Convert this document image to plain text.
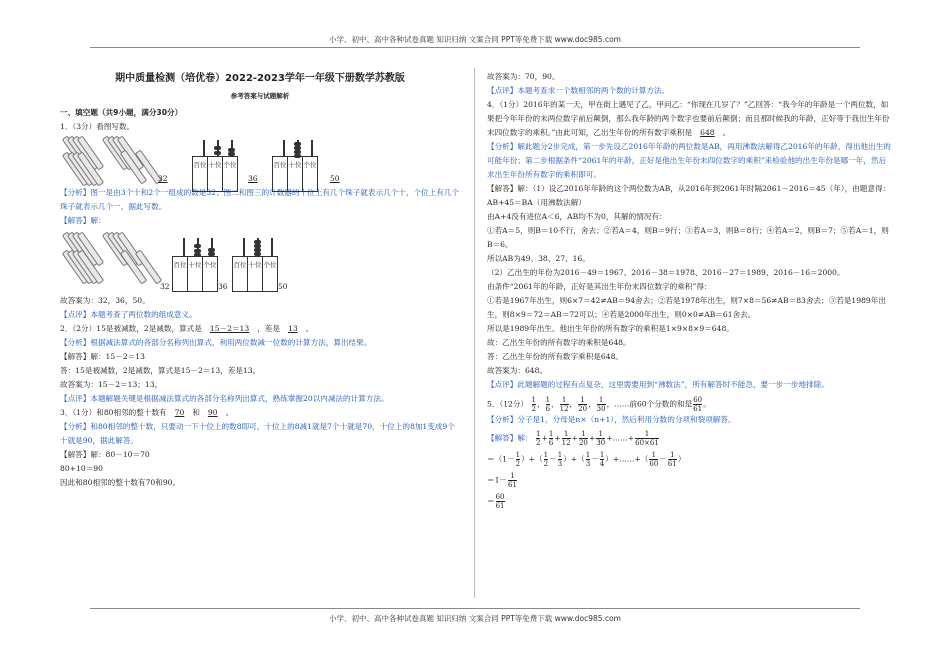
小学、初中、高中各种试卷真题 知识归纳 文案合同 PPT等免费下载 www.doc985.com
期中质量检测（培优卷）2022-2023学年一年级下册数学苏教版
参考答案与试题解析

一、填空题（共9小题，满分30分）

1．（3分）看图写数。

32
百位 十位 个位
36
百位 十位 个位
50

【分析】图一是由3个十和2个一组成的数是32；图二和图三的计数器的十位上有几个珠子就表示几个十，个位上有几个珠子就表示几个一，据此写数。

【解答】解：

32
百位 十位 个位
36
百位 十位 个位
50

故答案为：32，36，50。

【点评】本题考查了两位数的组成意义。

2．（2分）15是被减数，2是减数，算式是 15－2＝13 ，差是 13 。

【分析】根据减法算式的各部分名称列出算式，利用两位数减一位数的计算方法，算出结果。

【解答】解：15－2＝13

答：15是被减数，2是减数，算式是15－2＝13，差是13。

故答案为：15－2＝13；13。

【点评】本题解题关键是根据减法算式的各部分名称列出算式，熟练掌握20以内减法的计算方法。

3．（1分）和80相邻的整十数有 70 和 90 。

【分析】和80相邻的整十数，只要动一下十位上的数8即可，十位上的8减1就是7个十就是70，十位上的8加1变成9个十就是90，据此解答。

【解答】解：80－10＝70

80+10＝90

因此和80相邻的整十数有70和90。

故答案为：70，90。

【点评】本题考查求一个数相邻的两个数的计算方法。

4．（1分）2016年的某一天，甲在街上遇见了乙，甲问乙：“你现在几岁了？”乙回答：“我今年的年龄是一个两位数，如果把今年年份的末两位数字前后颠倒，那么我年龄的两个数字也要前后颠倒；而且那时候我的年龄，正好等于我出生年份末四位数字的乘积。”由此可知，乙出生年份的所有数字乘积是 648 。

【分析】解此题分2步完成，第一步先设乙2016年年龄的两位数是AB，再用沸数法解得乙2016年的年龄，得出他出生的可能年份；第二步根据条件“2061年的年龄，正好是他出生年份末四位数字的乘积”来检验他的出生年份是哪一年，然后求出生年份所有数字的乘积即可。

【解答】解：（1）设乙2016年年龄的这个两位数为AB，从2016年到2061年时隔2061－2016＝45（年），由题意得：

AB+45＝BA（用沸数法解）

由A+4没有进位A＜6，AB均不为0，其解的情况有：

①若A＝5，则B＝10不行，舍去；②若A＝4，则B＝9行；③若A＝3，则B＝8行；④若A＝2，则B＝7；⑤若A＝1，则B＝6。

所以AB为49、38、27、16。

（2）乙出生的年份为2016－49＝1967、2016－38＝1978、2016－27＝1989、2016－16＝2000。

由条件“2061年的年龄，正好是其出生年份末四位数字的乘积”得：

①若是1967年出生，则6×7＝42≠AB＝94舍去；②若是1978年出生，则7×8＝56≠AB＝83舍去；③若是1989年出生，则8×9＝72＝AB＝72可以；④若是2000年出生，则0×0≠AB＝61舍去。

所以是1989年出生。他出生年份的所有数字的乘积是1×9×8×9＝648。

故：乙出生年份的所有数字的乘积是648。

答：乙出生年份的所有数字乘积是648。

故答案为：648。

【点评】此题解题的过程有点复杂，这里需要用到“沸数法”，所有解答时不能急，要一步一步地排除。

5．（12分） $\frac{1}{2}$ ， $\frac{1}{6}$ ， $\frac{1}{12}$ ， $\frac{1}{20}$ ， $\frac{1}{30}$ ，……前60个分数的和是 $\frac{60}{61}$ 。

【分析】分子是1，分母是n×（n+1），然后利用分数的分项和裂项解答。

【解答】解： $\frac{1}{2} + \frac{1}{6} + \frac{1}{12} + \frac{1}{20} + \frac{1}{30}$ +……+ $\frac{1}{60\times 61}$

$=(1- \frac{1}{2}$ ）+（ $\frac{1}{2} - \frac{1}{3}$ ）+（ $\frac{1}{3} - \frac{1}{4}$ ）+……+（ $\frac{1}{60} - \frac{1}{61}$ ）

$=1- \frac{1}{61}$

＝ $\frac{60}{61}$

小学、初中、高中各种试卷真题 知识归纳 文案合同 PPT等免费下载 www.doc985.com
